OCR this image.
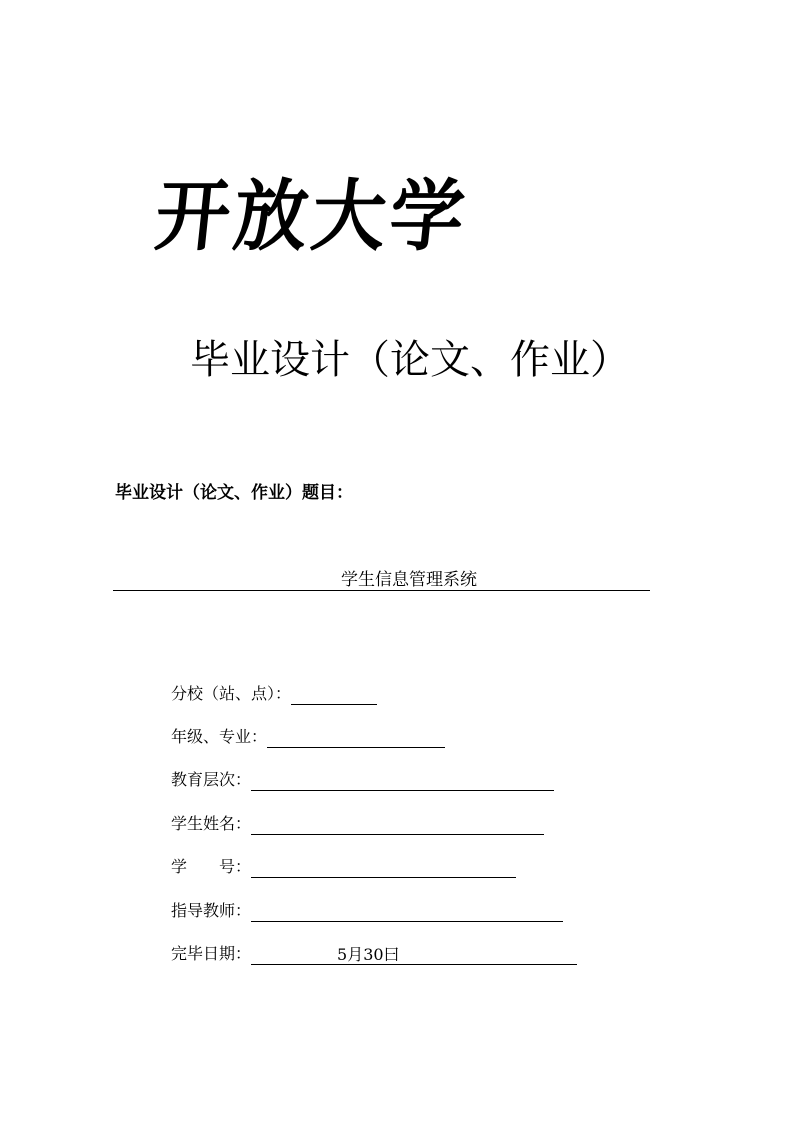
开放大学
毕业设计（论文、作业）
毕业设计（论文、作业）题目：
学生信息管理系统
分校（站、点）：
年级、专业：
教育层次：
学生姓名：
学　　号：
指导教师：
完毕日期：	5月30曰
